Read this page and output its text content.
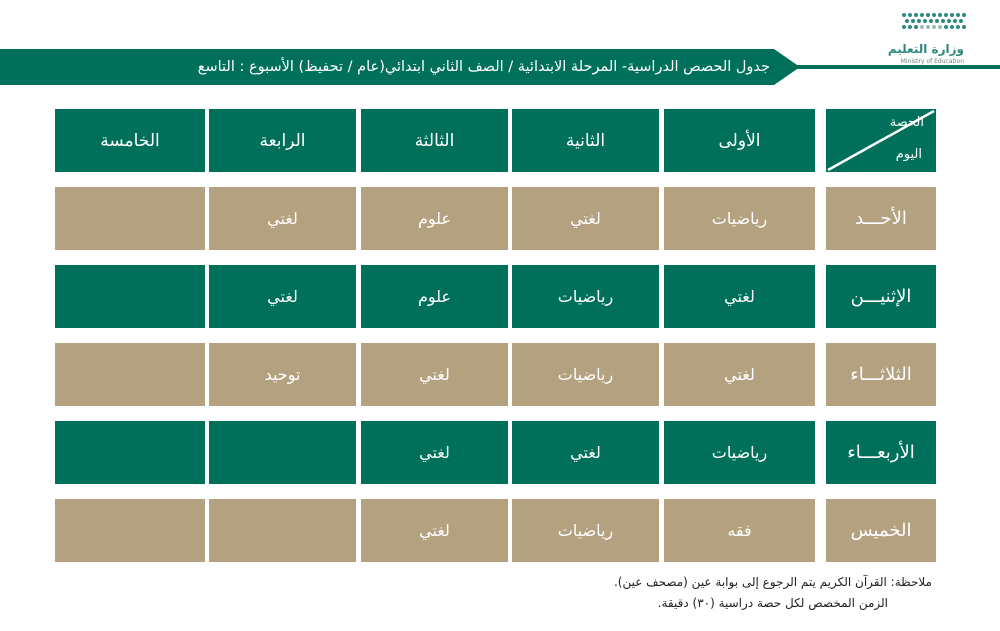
وزارة التعليم
Ministry of Education
جدول الحصص الدراسية- المرحلة الابتدائية / الصف الثاني ابتدائي(عام / تحفيظ) الأسبوع : التاسع
الحصة
اليوم
الأولى
الثانية
الثالثة
الرابعة
الخامسة
الأحـــد
رياضيات
لغتي
علوم
لغتي
الإثنيـــن
لغتي
رياضيات
علوم
لغتي
الثلاثـــاء
لغتي
رياضيات
لغتي
توحيد
الأربعـــاء
رياضيات
لغتي
لغتي
الخميس
فقه
رياضيات
لغتي
ملاحظة: القرآن الكريم يتم الرجوع إلى بوابة عين (مصحف عين).
الزمن المخصص لكل حصة دراسية (٣٠) دقيقة.
